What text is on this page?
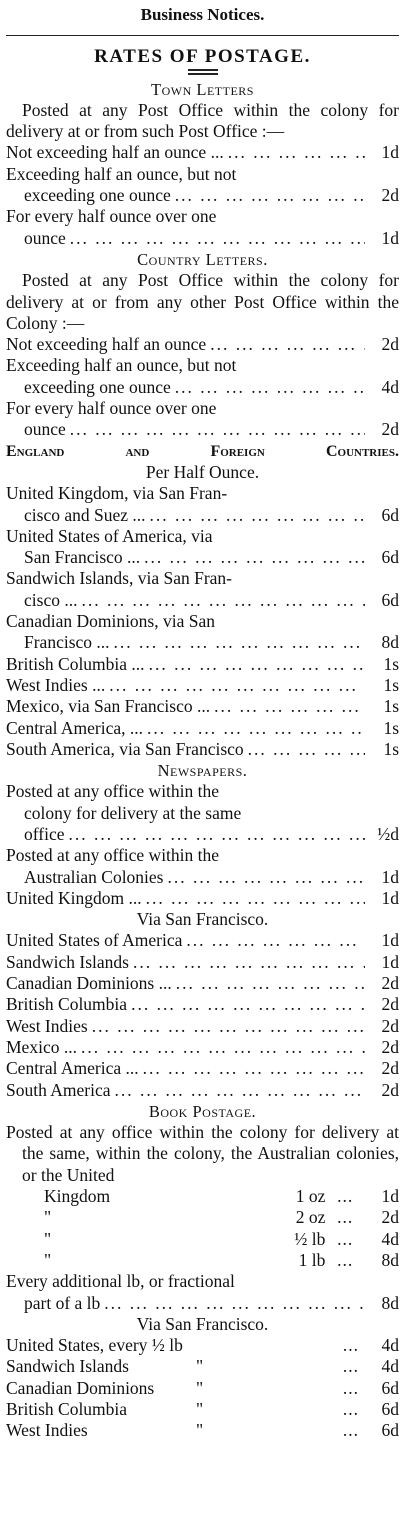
Business Notices.
RATES OF POSTAGE.
Town Letters
Posted at any Post Office within the colony for delivery at or from such Post Office :—
Not exceeding half an ounce ... ... .	1d
Exceeding half an ounce, but not
exceeding one ounce ... .	2d
For every half ounce over one
ounce ... .	1d
Country Letters.
Posted at any Post Office within the colony for delivery at or from any other Post Office within the Colony :—
Not exceeding half an ounce ... .	2d
Exceeding half an ounce, but not
exceeding one ounce ... .	4d
For every half ounce over one
ounce ... .	2d
England	and	Foreign	Countries.
Per Half Ounce.
United Kingdom, via San Fran-
cisco and Suez ... ... .	6d
United States of America, via
San Francisco ... ... .	6d
Sandwich Islands, via San Fran-
cisco ... ... .	6d
Canadian Dominions, via San
Francisco ... ... .	8d
British Columbia ... ... .	1s
West Indies ... ... .	1s
Mexico, via San Francisco ... ... .	1s
Central America, ... ... .	1s
South America, via San Francisco ... .	1s
Newspapers.
Posted at any office within the
colony for delivery at the same
office ... .	½d
Posted at any office within the
Australian Colonies ... .	1d
United Kingdom ... ... .	1d
Via San Francisco.
United States of America ... .	1d
Sandwich Islands ... .	1d
Canadian Dominions ... ... .	2d
British Columbia ... .	2d
West Indies ... .	2d
Mexico ... ... .	2d
Central America ... ... .	2d
South America ... .	2d
Book Postage.
Posted at any office within the colony for delivery at the same, within the colony, the Australian colonies, or the United
Kingdom	1 oz ...	1d
"	2 oz ...	2d
"	½ lb ...	4d
"	1 lb ...	8d
Every additional lb, or fractional
part of a lb ... .	8d
Via San Francisco.
United States, every ½ lb	...	4d
Sandwich Islands	"	...	4d
Canadian Dominions	"	...	6d
British Columbia	"	...	6d
West Indies	"	...	6d
